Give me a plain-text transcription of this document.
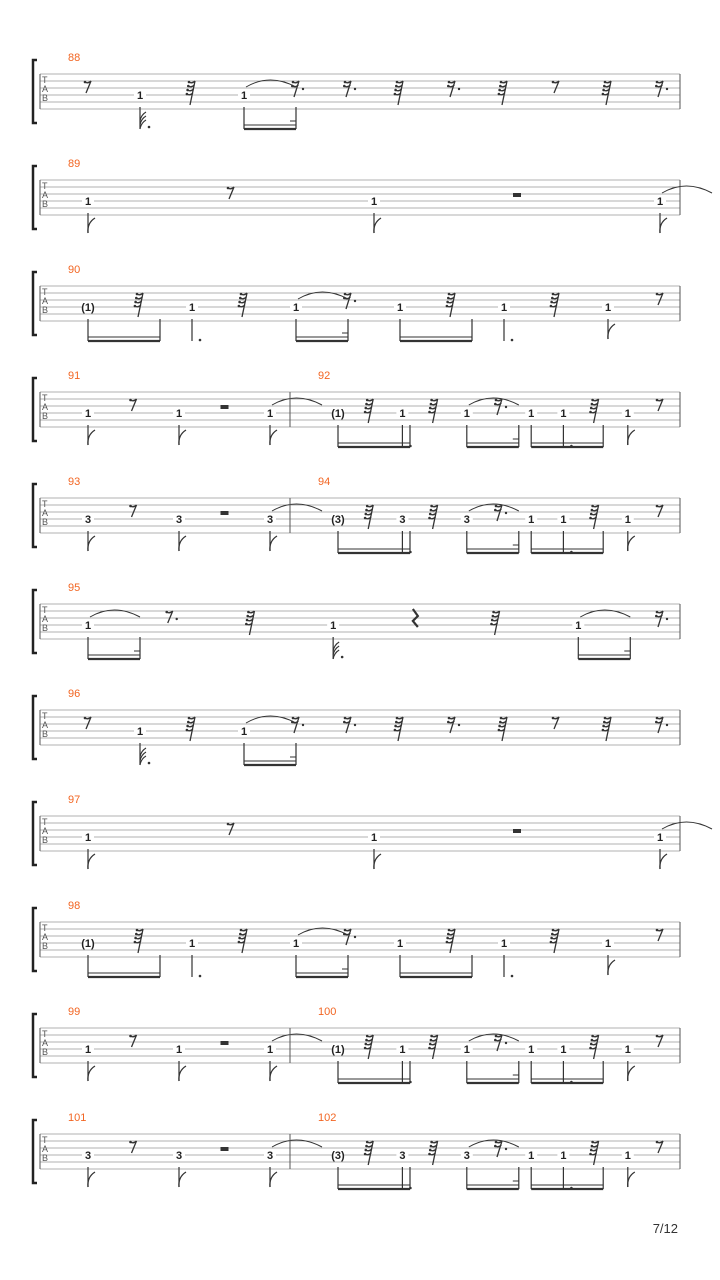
T
A
B
88
1	1
T
A
B
89
1	1	1
T
A
B
90
(1)	1	1	1	1	1
T
A
B
91
1	1	1
92
(1)	1	1	1 1	1
T
A
B
93
3	3	3
94
(3)	3	3	1 1	1
T
A
B
95
1	1	1
T
A
B
96
1	1
T
A
B
97
1	1	1
T
A
B
98
(1)	1	1	1	1	1
T
A
B
99
1	1	1
100
(1)	1	1	1 1	1
T
A
B
101
3	3	3
102
(3)	3	3	1 1	1
7/12
